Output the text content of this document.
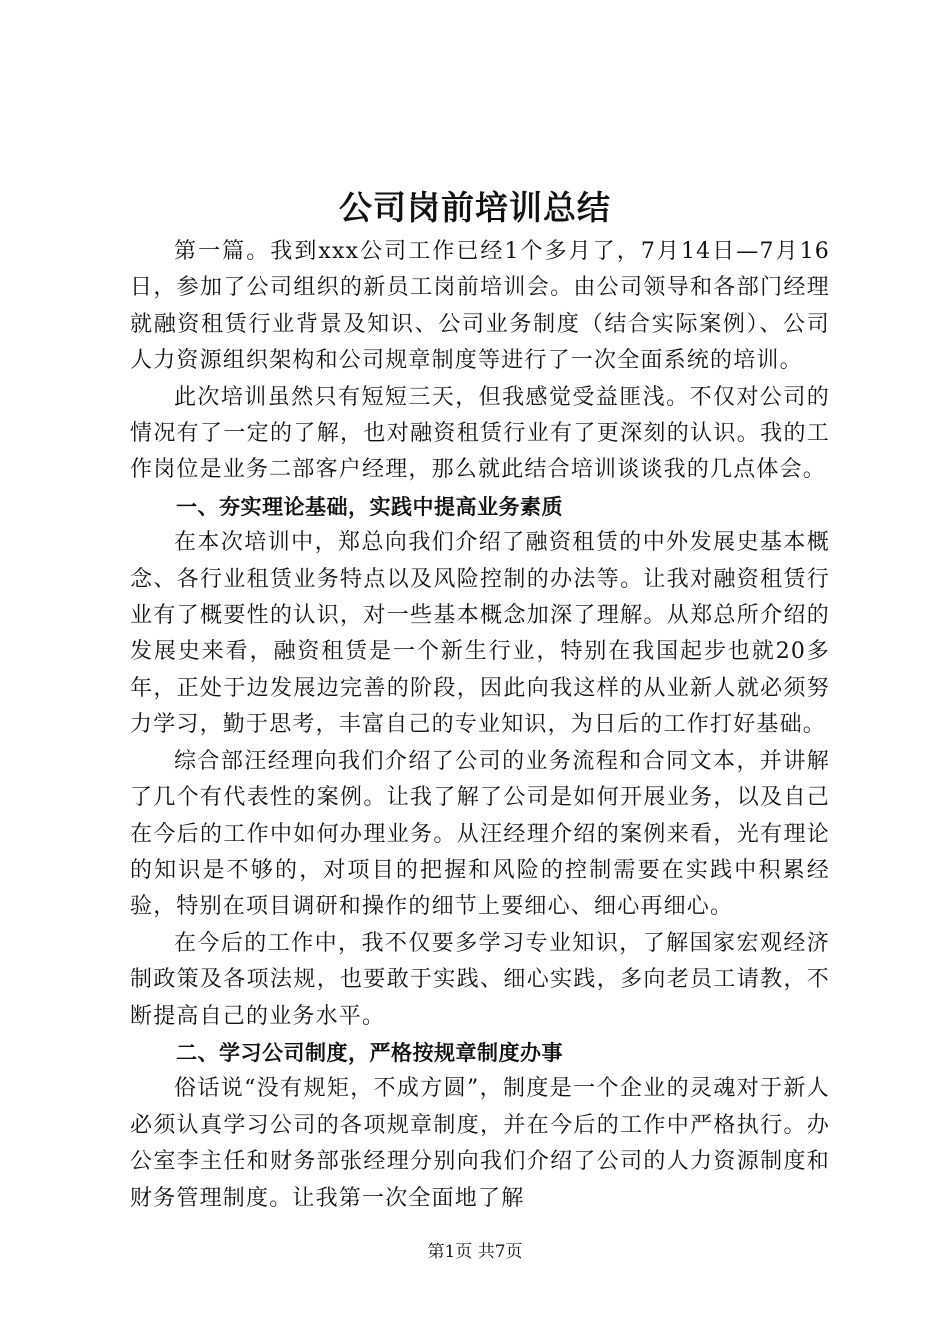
公司岗前培训总结

第一篇。我到xxx公司工作已经1个多月了，7月14日—7月16日，参加了公司组织的新员工岗前培训会。由公司领导和各部门经理就融资租赁行业背景及知识、公司业务制度（结合实际案例）、公司人力资源组织架构和公司规章制度等进行了一次全面系统的培训。

此次培训虽然只有短短三天，但我感觉受益匪浅。不仅对公司的情况有了一定的了解，也对融资租赁行业有了更深刻的认识。我的工作岗位是业务二部客户经理，那么就此结合培训谈谈我的几点体会。

一、夯实理论基础，实践中提高业务素质

在本次培训中，郑总向我们介绍了融资租赁的中外发展史基本概念、各行业租赁业务特点以及风险控制的办法等。让我对融资租赁行业有了概要性的认识，对一些基本概念加深了理解。从郑总所介绍的发展史来看，融资租赁是一个新生行业，特别在我国起步也就20多年，正处于边发展边完善的阶段，因此向我这样的从业新人就必须努力学习，勤于思考，丰富自己的专业知识，为日后的工作打好基础。

综合部汪经理向我们介绍了公司的业务流程和合同文本，并讲解了几个有代表性的案例。让我了解了公司是如何开展业务，以及自己在今后的工作中如何办理业务。从汪经理介绍的案例来看，光有理论的知识是不够的，对项目的把握和风险的控制需要在实践中积累经验，特别在项目调研和操作的细节上要细心、细心再细心。

在今后的工作中，我不仅要多学习专业知识，了解国家宏观经济制政策及各项法规，也要敢于实践、细心实践，多向老员工请教，不断提高自己的业务水平。

二、学习公司制度，严格按规章制度办事

俗话说“没有规矩，不成方圆”，制度是一个企业的灵魂对于新人必须认真学习公司的各项规章制度，并在今后的工作中严格执行。办公室李主任和财务部张经理分别向我们介绍了公司的人力资源制度和财务管理制度。让我第一次全面地了解

第1页 共7页
